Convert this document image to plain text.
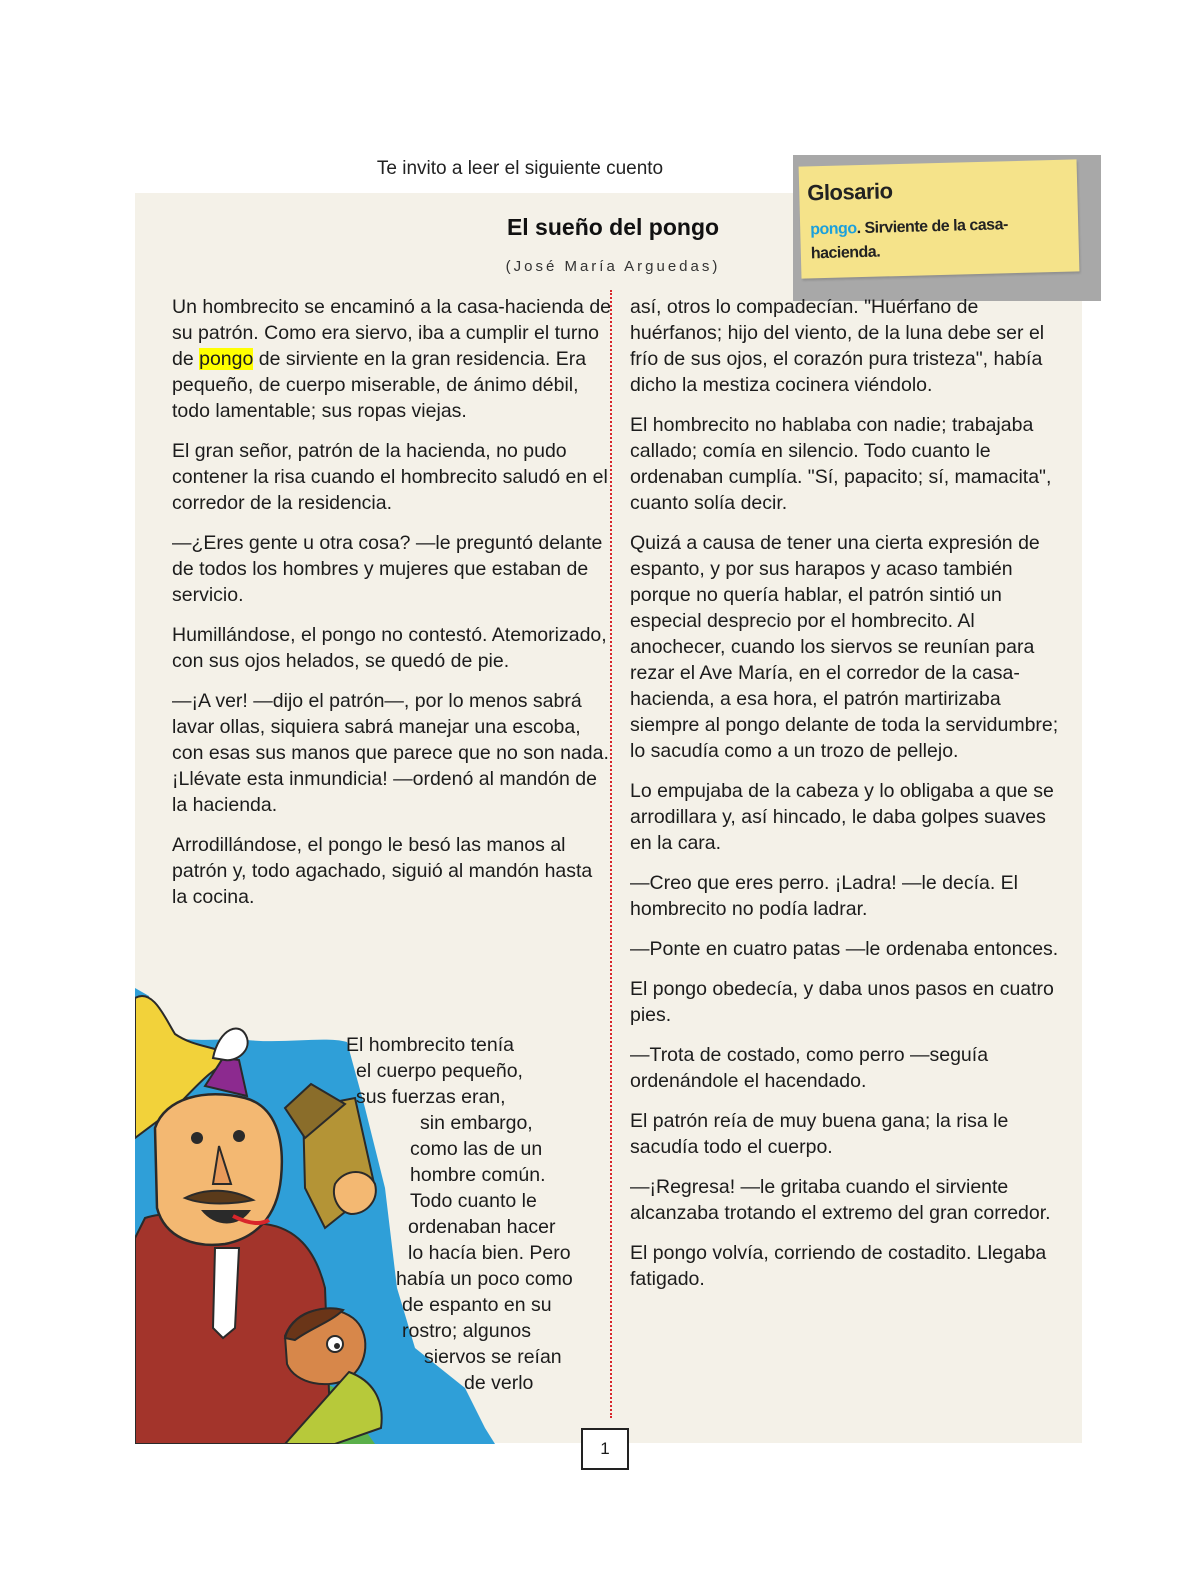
Te invito a leer el siguiente cuento
El sueño del pongo
(José María Arguedas)
Glosario
pongo. Sirviente de la casa-hacienda.

Un hombrecito se encaminó a la casa-hacienda de su patrón. Como era siervo, iba a cumplir el turno de pongo de sirviente en la gran residencia. Era pequeño, de cuerpo miserable, de ánimo débil, todo lamentable; sus ropas viejas.

El gran señor, patrón de la hacienda, no pudo contener la risa cuando el hombrecito saludó en el corredor de la residencia.

—¿Eres gente u otra cosa? —le preguntó delante de todos los hombres y mujeres que estaban de servicio.

Humillándose, el pongo no contestó. Atemorizado, con sus ojos helados, se quedó de pie.

—¡A ver! —dijo el patrón—, por lo menos sabrá lavar ollas, siquiera sabrá manejar una escoba, con esas sus manos que parece que no son nada. ¡Llévate esta inmundicia! —ordenó al mandón de la hacienda.

Arrodillándose, el pongo le besó las manos al patrón y, todo agachado, siguió al mandón hasta la cocina.

El hombrecito tenía
el cuerpo pequeño,
sus fuerzas eran,
sin embargo,
como las de un
hombre común.
Todo cuanto le
ordenaban hacer
lo hacía bien. Pero
había un poco como
de espanto en su
rostro; algunos
siervos se reían
de verlo

así, otros lo compadecían. "Huérfano de huérfanos; hijo del viento, de la luna debe ser el frío de sus ojos, el corazón pura tristeza", había dicho la mestiza cocinera viéndolo.

El hombrecito no hablaba con nadie; trabajaba callado; comía en silencio. Todo cuanto le ordenaban cumplía. "Sí, papacito; sí, mamacita", cuanto solía decir.

Quizá a causa de tener una cierta expresión de espanto, y por sus harapos y acaso también porque no quería hablar, el patrón sintió un especial desprecio por el hombrecito. Al anochecer, cuando los siervos se reunían para rezar el Ave María, en el corredor de la casa-hacienda, a esa hora, el patrón martirizaba siempre al pongo delante de toda la servidumbre; lo sacudía como a un trozo de pellejo.

Lo empujaba de la cabeza y lo obligaba a que se arrodillara y, así hincado, le daba golpes suaves en la cara.

—Creo que eres perro. ¡Ladra! —le decía. El hombrecito no podía ladrar.

—Ponte en cuatro patas —le ordenaba entonces.

El pongo obedecía, y daba unos pasos en cuatro pies.

—Trota de costado, como perro —seguía ordenándole el hacendado.

El patrón reía de muy buena gana; la risa le sacudía todo el cuerpo.

—¡Regresa! —le gritaba cuando el sirviente alcanzaba trotando el extremo del gran corredor.

El pongo volvía, corriendo de costadito. Llegaba fatigado.

1
